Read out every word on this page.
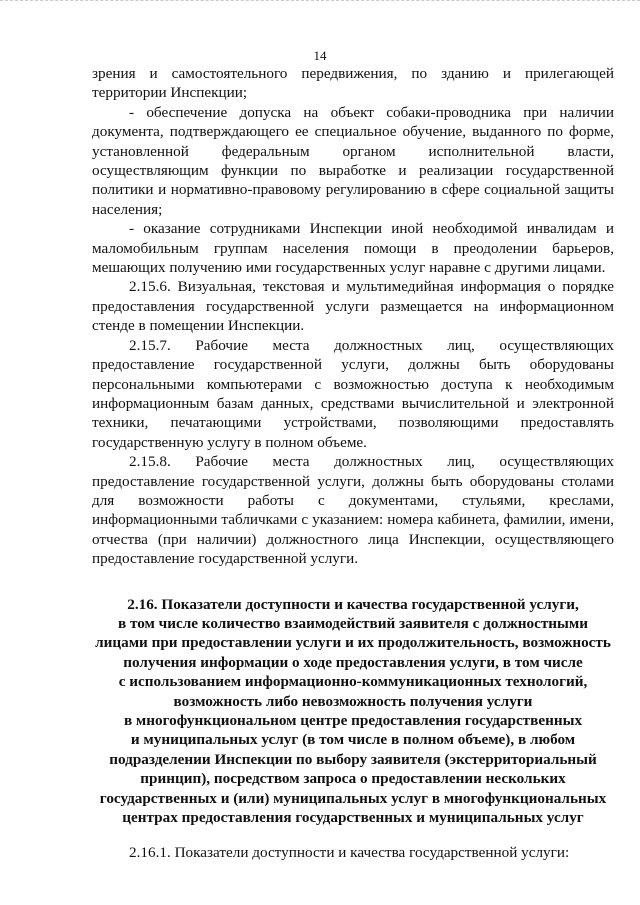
14

зрения и самостоятельного передвижения, по зданию и прилегающей территории Инспекции;

- обеспечение допуска на объект собаки-проводника при наличии документа, подтверждающего ее специальное обучение, выданного по форме, установленной федеральным органом исполнительной власти, осуществляющим функции по выработке и реализации государственной политики и нормативно-правовому регулированию в сфере социальной защиты населения;

- оказание сотрудниками Инспекции иной необходимой инвалидам и маломобильным группам населения помощи в преодолении барьеров, мешающих получению ими государственных услуг наравне с другими лицами.

2.15.6. Визуальная, текстовая и мультимедийная информация о порядке предоставления государственной услуги размещается на информационном стенде в помещении Инспекции.

2.15.7. Рабочие места должностных лиц, осуществляющих предоставление государственной услуги, должны быть оборудованы персональными компьютерами с возможностью доступа к необходимым информационным базам данных, средствами вычислительной и электронной техники, печатающими устройствами, позволяющими предоставлять государственную услугу в полном объеме.

2.15.8. Рабочие места должностных лиц, осуществляющих предоставление государственной услуги, должны быть оборудованы столами для возможности работы с документами, стульями, креслами, информационными табличками с указанием: номера кабинета, фамилии, имени, отчества (при наличии) должностного лица Инспекции, осуществляющего предоставление государственной услуги.

2.16. Показатели доступности и качества государственной услуги,
в том числе количество взаимодействий заявителя с должностными
лицами при предоставлении услуги и их продолжительность, возможность
получения информации о ходе предоставления услуги, в том числе
с использованием информационно-коммуникационных технологий,
возможность либо невозможность получения услуги
в многофункциональном центре предоставления государственных
и муниципальных услуг (в том числе в полном объеме), в любом
подразделении Инспекции по выбору заявителя (экстерриториальный
принцип), посредством запроса о предоставлении нескольких
государственных и (или) муниципальных услуг в многофункциональных
центрах предоставления государственных и муниципальных услуг

2.16.1. Показатели доступности и качества государственной услуги:
